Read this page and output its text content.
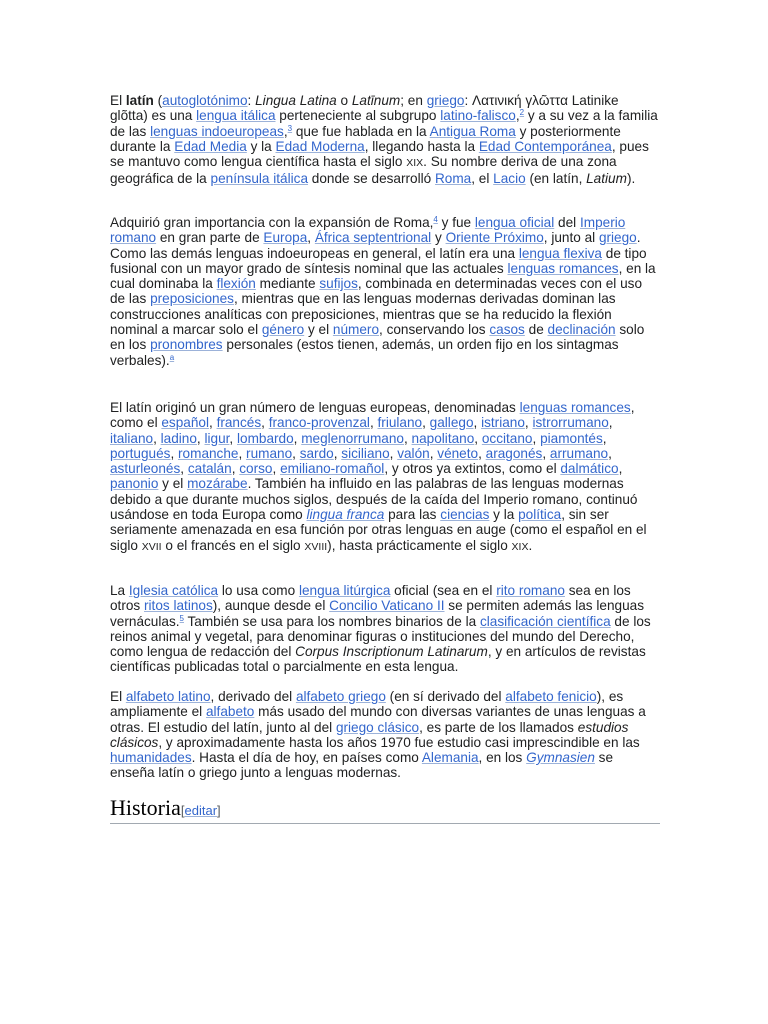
El latín (autoglotónimo: Lingua Latina o Latīnum; en griego: Λατινική γλῶττα Latinike glõtta) es una lengua itálica perteneciente al subgrupo latino-falisco,$^2$ y a su vez a la familia de las lenguas indoeuropeas,$^3$ que fue hablada en la Antigua Roma y posteriormente durante la Edad Media y la Edad Moderna, llegando hasta la Edad Contemporánea, pues se mantuvo como lengua científica hasta el siglo XIX. Su nombre deriva de una zona geográfica de la península itálica donde se desarrolló Roma, el Lacio (en latín, Latium).

Adquirió gran importancia con la expansión de Roma,$^4$ y fue lengua oficial del Imperio romano en gran parte de Europa, África septentrional y Oriente Próximo, junto al griego. Como las demás lenguas indoeuropeas en general, el latín era una lengua flexiva de tipo fusional con un mayor grado de síntesis nominal que las actuales lenguas romances, en la cual dominaba la flexión mediante sufijos, combinada en determinadas veces con el uso de las preposiciones, mientras que en las lenguas modernas derivadas dominan las construcciones analíticas con preposiciones, mientras que se ha reducido la flexión nominal a marcar solo el género y el número, conservando los casos de declinación solo en los pronombres personales (estos tienen, además, un orden fijo en los sintagmas verbales).$^a$

El latín originó un gran número de lenguas europeas, denominadas lenguas romances, como el español, francés, franco-provenzal, friulano, gallego, istriano, istrorrumano, italiano, ladino, ligur, lombardo, meglenorrumano, napolitano, occitano, piamontés, portugués, romanche, rumano, sardo, siciliano, valón, véneto, aragonés, arrumano, asturleonés, catalán, corso, emiliano-romañol, y otros ya extintos, como el dalmático, panonio y el mozárabe. También ha influido en las palabras de las lenguas modernas debido a que durante muchos siglos, después de la caída del Imperio romano, continuó usándose en toda Europa como lingua franca para las ciencias y la política, sin ser seriamente amenazada en esa función por otras lenguas en auge (como el español en el siglo XVII o el francés en el siglo XVIII), hasta prácticamente el siglo XIX.

La Iglesia católica lo usa como lengua litúrgica oficial (sea en el rito romano sea en los otros ritos latinos), aunque desde el Concilio Vaticano II se permiten además las lenguas vernáculas.$^5$ También se usa para los nombres binarios de la clasificación científica de los reinos animal y vegetal, para denominar figuras o instituciones del mundo del Derecho, como lengua de redacción del Corpus Inscriptionum Latinarum, y en artículos de revistas científicas publicadas total o parcialmente en esta lengua.

El alfabeto latino, derivado del alfabeto griego (en sí derivado del alfabeto fenicio), es ampliamente el alfabeto más usado del mundo con diversas variantes de unas lenguas a otras. El estudio del latín, junto al del griego clásico, es parte de los llamados estudios clásicos, y aproximadamente hasta los años 1970 fue estudio casi imprescindible en las humanidades. Hasta el día de hoy, en países como Alemania, en los Gymnasien se enseña latín o griego junto a lenguas modernas.

Historia[editar]
